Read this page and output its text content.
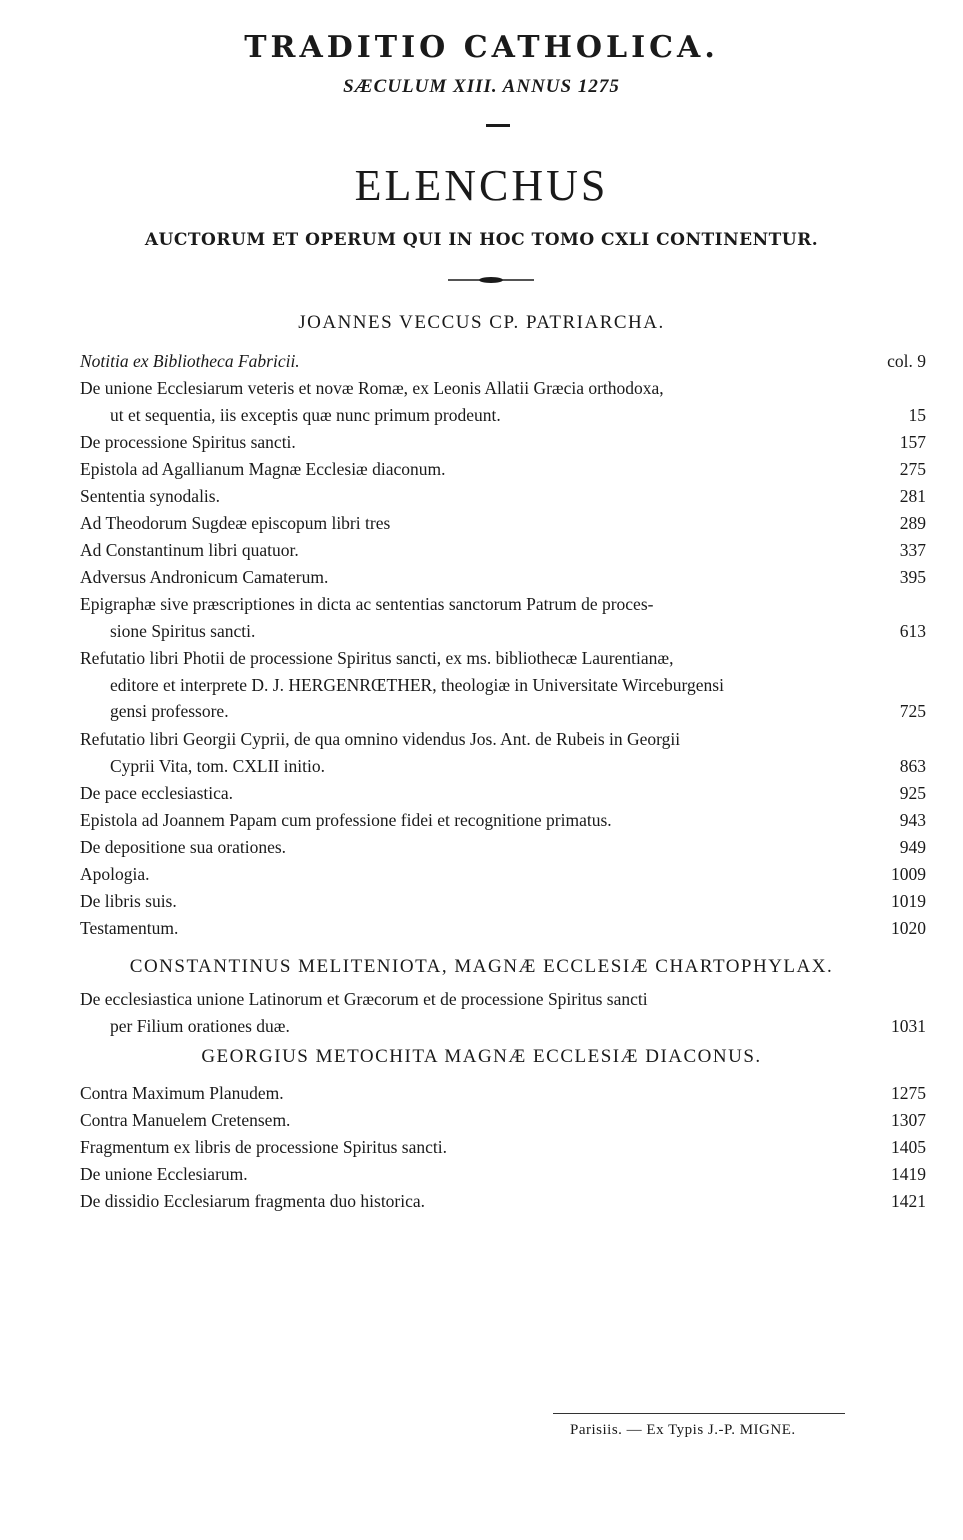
TRADITIO CATHOLICA.
SÆCULUM XIII. ANNUS 1275
ELENCHUS
AUCTORUM ET OPERUM QUI IN HOC TOMO CXLI CONTINENTUR.
JOANNES VECCUS CP. PATRIARCHA.
Notitia ex Bibliotheca Fabricii.	col. 9
De unione Ecclesiarum veteris et novæ Romæ, ex Leonis Allatii Græcia orthodoxa,
ut et sequentia, iis exceptis quæ nunc primum prodeunt.	15
De processione Spiritus sancti.	157
Epistola ad Agallianum Magnæ Ecclesiæ diaconum.	275
Sententia synodalis.	281
Ad Theodorum Sugdeæ episcopum libri tres	289
Ad Constantinum libri quatuor.	337
Adversus Andronicum Camaterum.	395
Epigraphæ sive præscriptiones in dicta ac sententias sanctorum Patrum de proces-
sione Spiritus sancti.	613
Refutatio libri Photii de processione Spiritus sancti, ex ms. bibliothecæ Laurentianæ,
editore et interprete D. J. HERGENRŒTHER, theologiæ in Universitate Wirceburgensi
gensi professore.	725
Refutatio libri Georgii Cyprii, de qua omnino videndus Jos. Ant. de Rubeis in Georgii
Cyprii Vita, tom. CXLII initio.	863
De pace ecclesiastica.	925
Epistola ad Joannem Papam cum professione fidei et recognitione primatus.	943
De depositione sua orationes.	949
Apologia.	1009
De libris suis.	1019
Testamentum.	1020
CONSTANTINUS MELITENIOTA, MAGNÆ ECCLESIÆ CHARTOPHYLAX.
De ecclesiastica unione Latinorum et Græcorum et de processione Spiritus sancti
per Filium orationes duæ.	1031
GEORGIUS METOCHITA MAGNÆ ECCLESIÆ DIACONUS.
Contra Maximum Planudem.	1275
Contra Manuelem Cretensem.	1307
Fragmentum ex libris de processione Spiritus sancti.	1405
De unione Ecclesiarum.	1419
De dissidio Ecclesiarum fragmenta duo historica.	1421
Parisiis. — Ex Typis J.-P. MIGNE.
